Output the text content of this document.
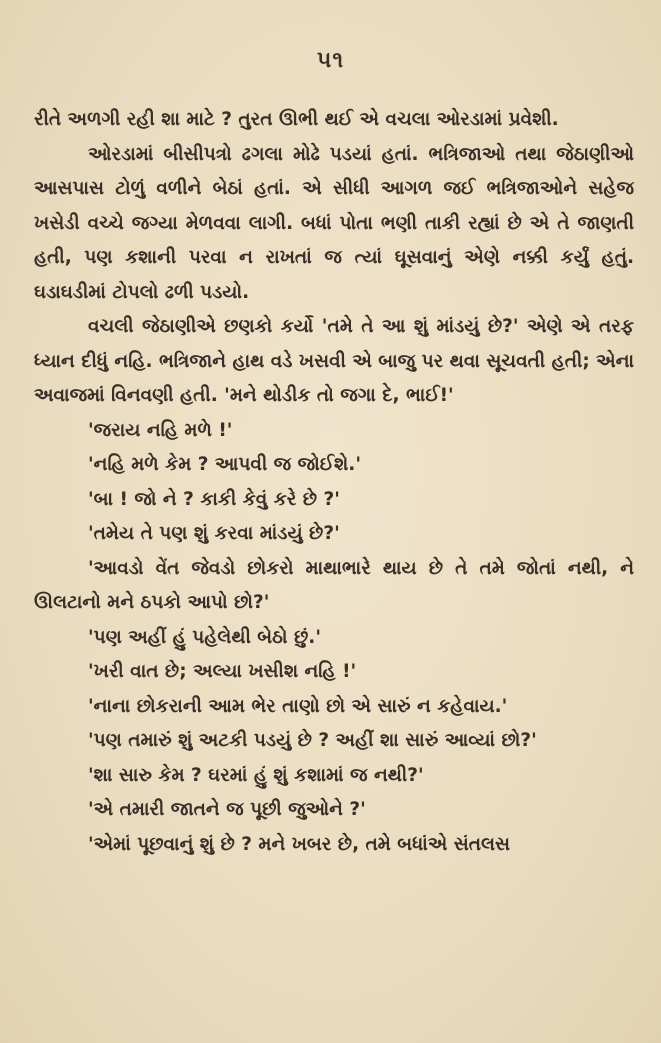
૫૧

રીતે અળગી રહી શા માટે ? તુરત ઊભી થઈ એ વચલા ઓરડામાં પ્રવેશી.

ઓરડામાં બીસીપત્રો ઢગલા મોઢે પડયાં હતાં. ભત્રિજાઓ તથા જેઠાણીઓ આસપાસ ટોળું વળીને બેઠાં હતાં. એ સીધી આગળ જઈ ભત્રિજાઓને સહેજ ખસેડી વચ્ચે જગ્યા મેળવવા લાગી. બધાં પોતા ભણી તાકી રહ્યાં છે એ તે જાણતી હતી, પણ કશાની પરવા ન રાખતાં જ ત્યાં ઘૂસવાનું એણે નક્કી કર્યું હતું. ઘડાઘડીમાં ટોપલો ઢળી પડયો.

વચલી જેઠાણીએ છણકો કર્યો 'તમે તે આ શું માંડયું છે?' એણે એ તરફ ધ્યાન દીધું નહિ. ભત્રિજાને હાથ વડે ખસવી એ બાજુ પર થવા સૂચવતી હતી; એના અવાજમાં વિનવણી હતી. 'મને થોડીક તો જગા દે, ભાઈ!'

'જરાય નહિ મળે !'

'નહિ મળે કેમ ? આપવી જ જોઈશે.'

'બા ! જો ને ? કાકી કેવું કરે છે ?'

'તમેય તે પણ શું કરવા માંડયું છે?'

'આવડો વેંત જેવડો છોકરો માથાભારે થાય છે તે તમે જોતાં નથી, ને ઊલટાનો મને ઠપકો આપો છો?'

'પણ અહીં હું પહેલેથી બેઠો છું.'

'ખરી વાત છે; અલ્યા ખસીશ નહિ !'

'નાના છોકરાની આમ ભેર તાણો છો એ સારું ન કહેવાય.'

'પણ તમારું શું અટકી પડયું છે ? અહીં શા સારું આવ્યાં છો?'

'શા સારુ કેમ ? ઘરમાં હું શું કશામાં જ નથી?'

'એ તમારી જાતને જ પૂછી જુઓને ?'

'એમાં પૂછવાનું શું છે ? મને ખબર છે, તમે બધાંએ સંતલસ
